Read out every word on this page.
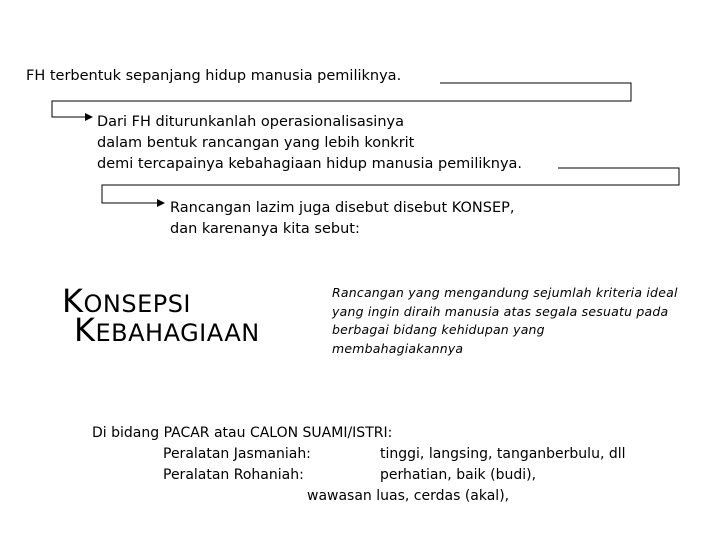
FH terbentuk sepanjang hidup manusia pemiliknya.
Dari FH diturunkanlah operasionalisasinya
dalam bentuk rancangan yang lebih konkrit
demi tercapainya kebahagiaan hidup manusia pemiliknya.
Rancangan lazim juga disebut disebut KONSEP,
dan karenanya kita sebut:
KONSEPSI
KEBAHAGIAAN
Rancangan yang mengandung sejumlah kriteria ideal
yang ingin diraih manusia atas segala sesuatu pada
berbagai bidang kehidupan yang
membahagiakannya
Di bidang PACAR atau CALON SUAMI/ISTRI:
Peralatan Jasmaniah:	tinggi, langsing, tanganberbulu, dll
Peralatan Rohaniah:	perhatian, baik (budi),
wawasan luas, cerdas (akal),
